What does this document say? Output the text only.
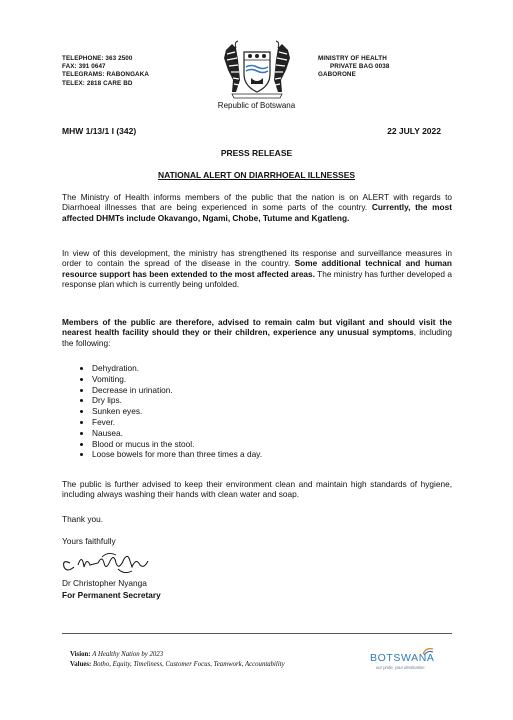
TELEPHONE: 363 2500
FAX: 391 0647
TELEGRAMS: RABONGAKA
TELEX: 2818 CARE BD
MINISTRY OF HEALTH
PRIVATE BAG 0038
GABORONE
Republic of Botswana
MHW 1/13/1 I (342)	22 JULY 2022
PRESS RELEASE
NATIONAL ALERT ON DIARRHOEAL ILLNESSES
The Ministry of Health informs members of the public that the nation is on ALERT with regards to Diarrhoeal illnesses that are being experienced in some parts of the country. Currently, the most affected DHMTs include Okavango, Ngami, Chobe, Tutume and Kgatleng.
In view of this development, the ministry has strengthened its response and surveillance measures in order to contain the spread of the disease in the country. Some additional technical and human resource support has been extended to the most affected areas. The ministry has further developed a response plan which is currently being unfolded.
Members of the public are therefore, advised to remain calm but vigilant and should visit the nearest health facility should they or their children, experience any unusual symptoms, including the following:
• Dehydration.
• Vomiting.
• Decrease in urination.
• Dry lips.
• Sunken eyes.
• Fever.
• Nausea.
• Blood or mucus in the stool.
• Loose bowels for more than three times a day.
The public is further advised to keep their environment clean and maintain high standards of hygiene, including always washing their hands with clean water and soap.
Thank you.
Yours faithfully
Dr Christopher Nyanga
For Permanent Secretary
Vision: A Healthy Nation by 2023
Values: Botho, Equity, Timeliness, Customer Focus, Teamwork, Accountability
BOTSWANA
our pride, your destination
